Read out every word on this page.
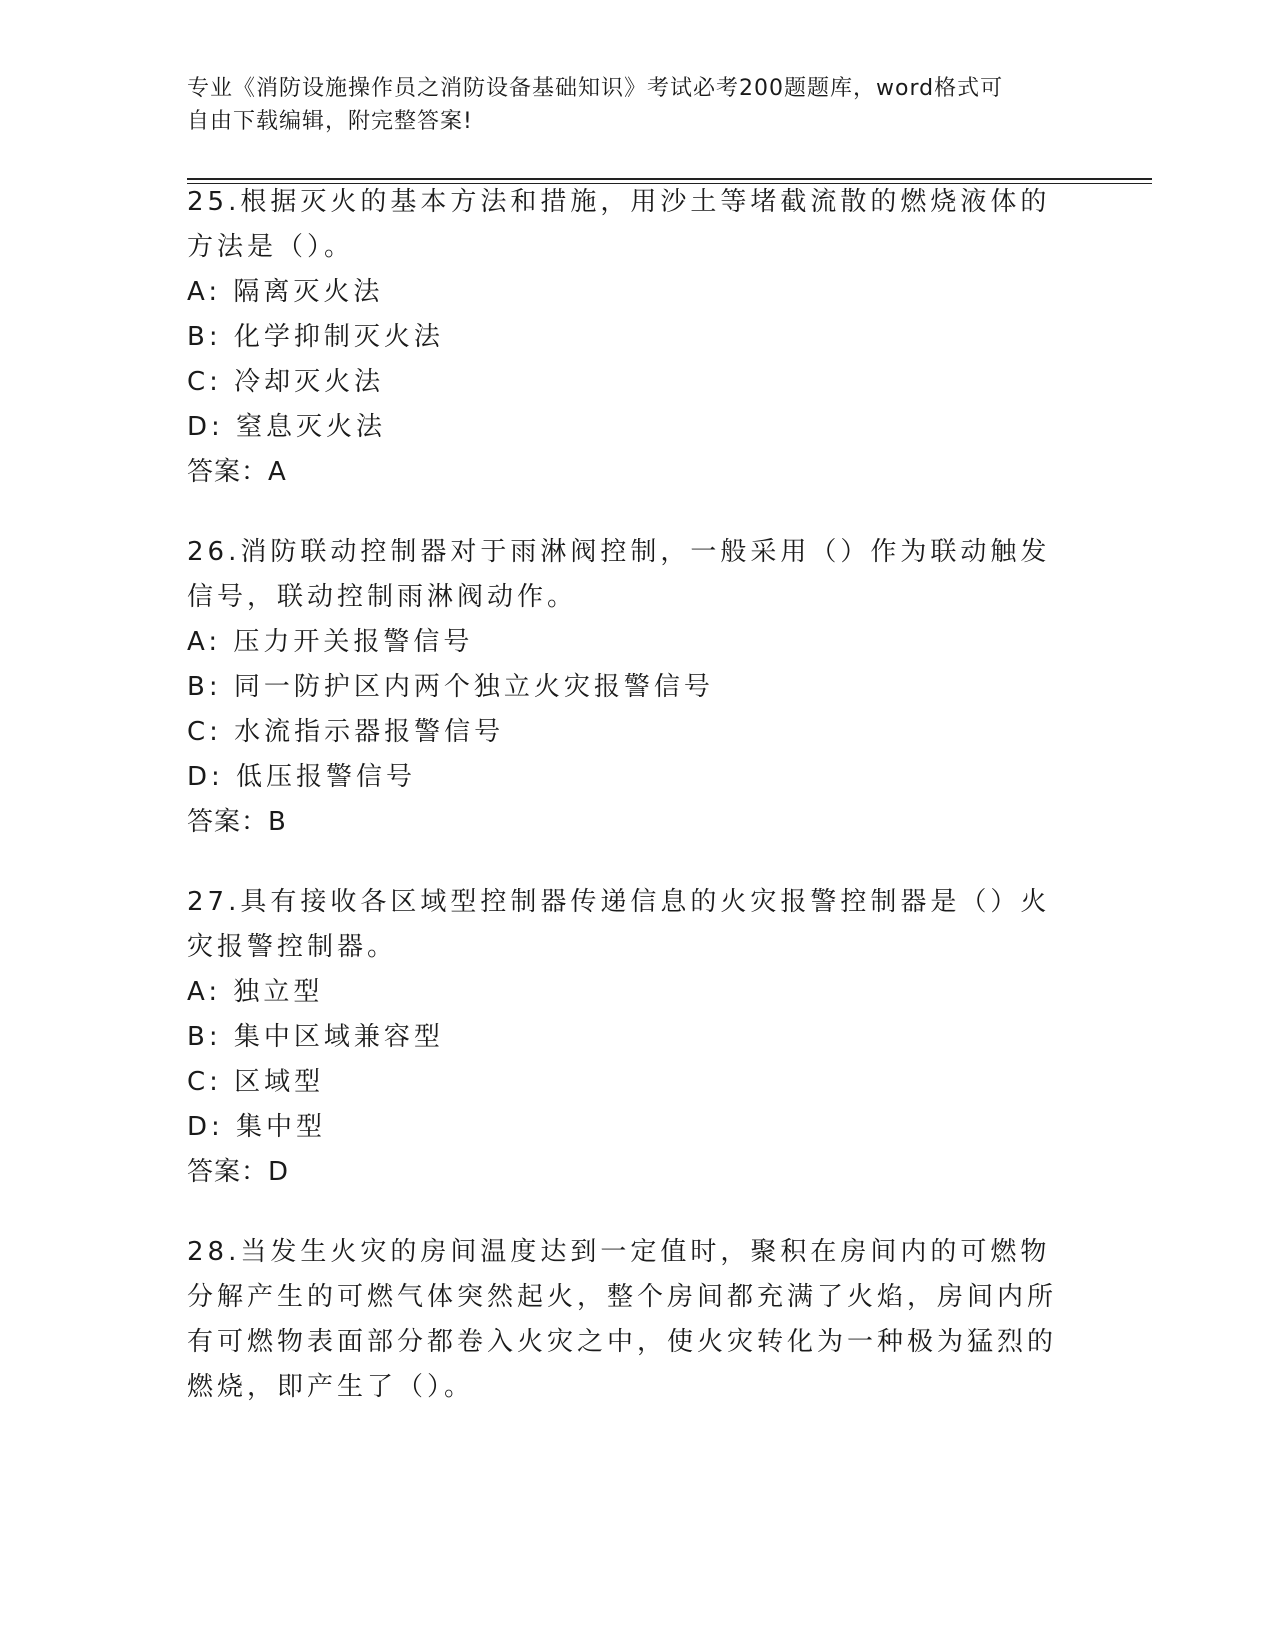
专业《消防设施操作员之消防设备基础知识》考试必考200题题库，word格式可
自由下载编辑，附完整答案!

25.根据灭火的基本方法和措施，用沙土等堵截流散的燃烧液体的方法是（）。

A: 隔离灭火法

B: 化学抑制灭火法

C: 冷却灭火法

D: 窒息灭火法

答案：A

26.消防联动控制器对于雨淋阀控制，一般采用（）作为联动触发信号，联动控制雨淋阀动作。

A: 压力开关报警信号

B: 同一防护区内两个独立火灾报警信号

C: 水流指示器报警信号

D: 低压报警信号

答案：B

27.具有接收各区域型控制器传递信息的火灾报警控制器是（）火灾报警控制器。

A: 独立型

B: 集中区域兼容型

C: 区域型

D: 集中型

答案：D

28.当发生火灾的房间温度达到一定值时，聚积在房间内的可燃物分解产生的可燃气体突然起火，整个房间都充满了火焰，房间内所有可燃物表面部分都卷入火灾之中，使火灾转化为一种极为猛烈的燃烧，即产生了（）。
